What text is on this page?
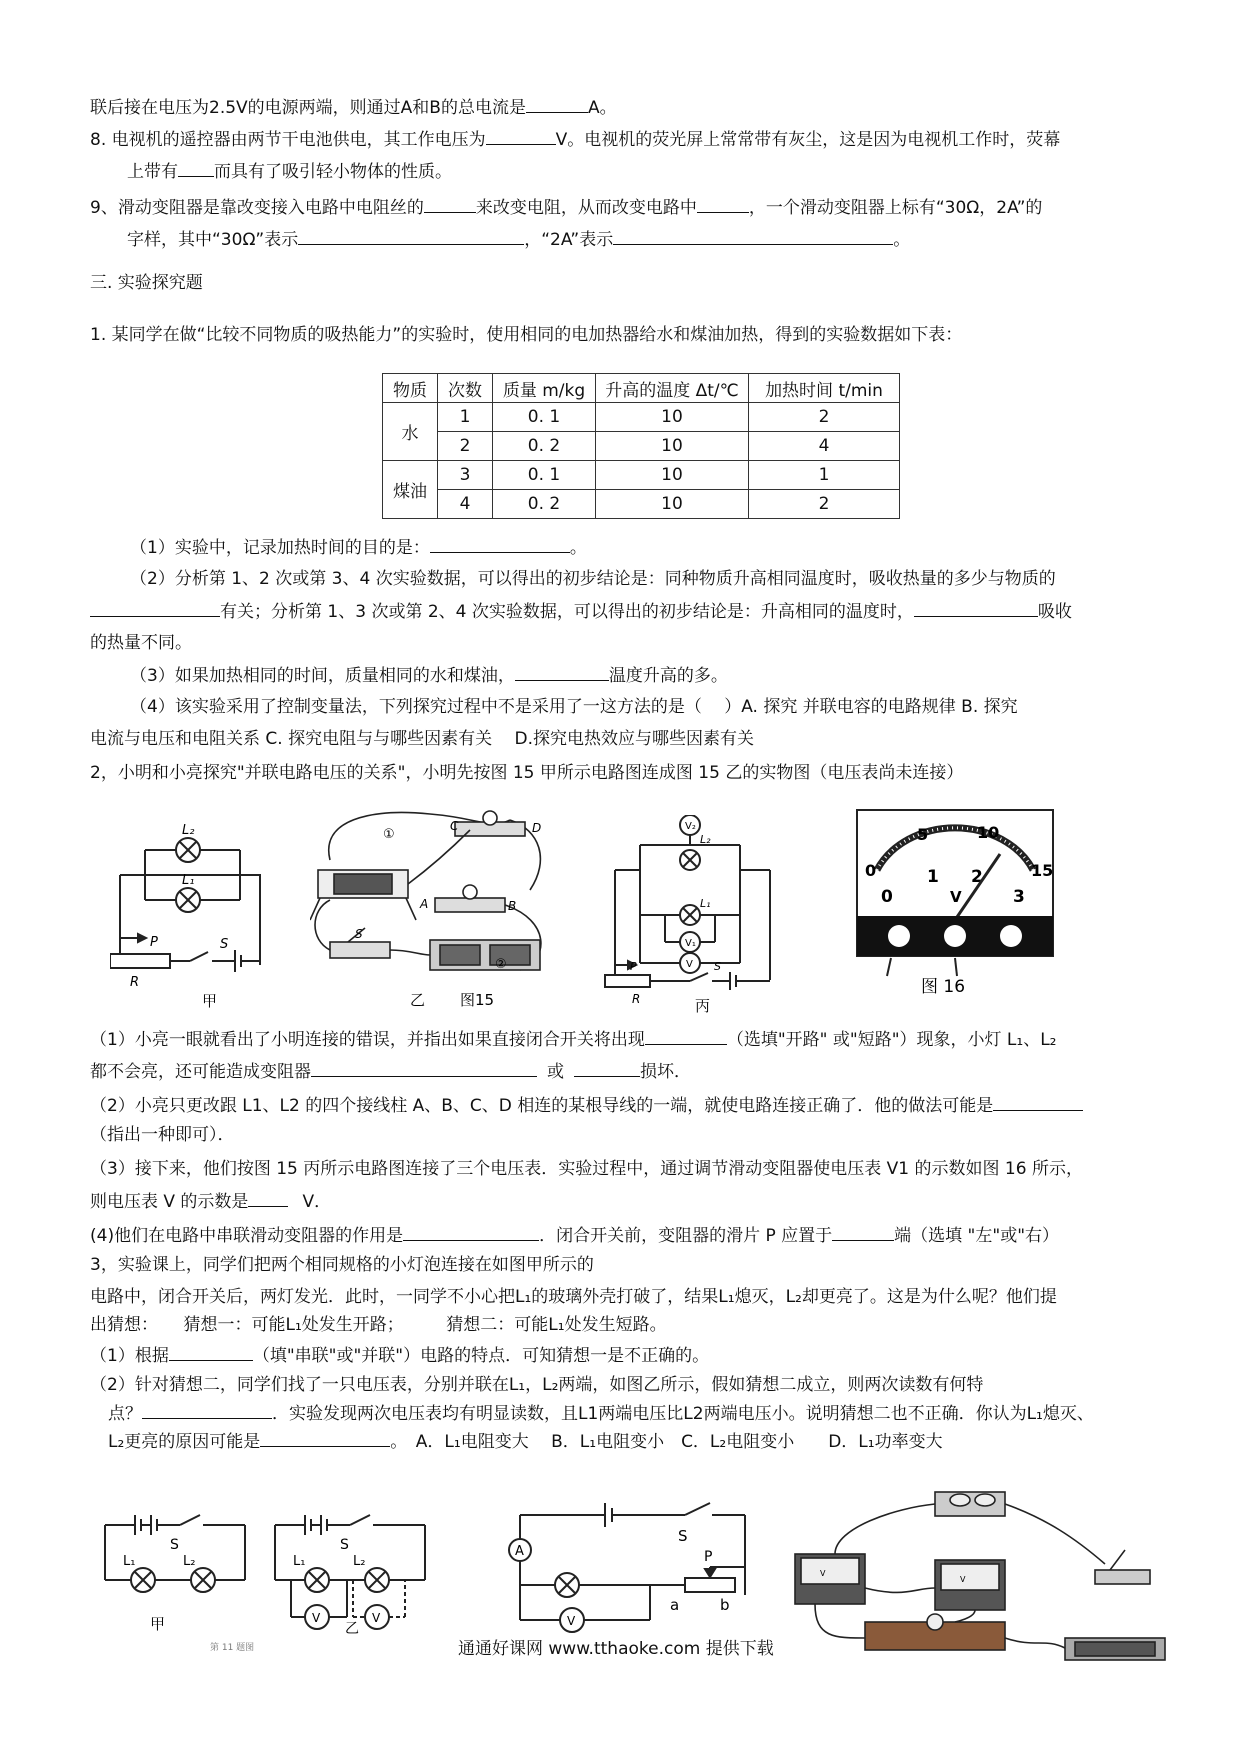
联后接在电压为2.5V的电源两端，则通过A和B的总电流是	A。
8. 电视机的遥控器由两节干电池供电，其工作电压为	V。电视机的荧光屏上常常带有灰尘，这是因为电视机工作时，荧幕
上带有 而具有了吸引轻小物体的性质。
9、滑动变阻器是靠改变接入电路中电阻丝的	来改变电阻，从而改变电路中	，一个滑动变阻器上标有“30Ω，2A”的
字样，其中“30Ω”表示	，“2A”表示	。
三. 实验探究题
1. 某同学在做“比较不同物质的吸热能力”的实验时，使用相同的电加热器给水和煤油加热，得到的实验数据如下表：
物质	次数	质量 m/kg	升高的温度 Δt/℃	加热时间 t/min
水	1	0. 1	10	2
	2	0. 2	10	4
煤油	3	0. 1	10	1
	4	0. 2	10	2
（1）实验中，记录加热时间的目的是：	。
（2）分析第 1、2 次或第 3、4 次实验数据，可以得出的初步结论是：同种物质升高相同温度时，吸收热量的多少与物质的
有关；分析第 1、3 次或第 2、4 次实验数据，可以得出的初步结论是：升高相同的温度时，	吸收
的热量不同。
（3）如果加热相同的时间，质量相同的水和煤油，	温度升高的多。
（4）该实验采用了控制变量法，下列探究过程中不是采用了一这方法的是（　 ）A. 探究 并联电容的电路规律 B. 探究
电流与电压和电阻关系 C. 探究电阻与与哪些因素有关　 D.探究电热效应与哪些因素有关
2，小明和小亮探究"并联电路电压的关系"，小明先按图 15 甲所示电路图连成图 15 乙的实物图（电压表尚未连接）
L₂
L₁
P
R
S
甲
①
②
C	D
A	B
S
乙 图15
V₂
V₁
V
L₂
L₁
P
R
S
丙
0
5	10
15
0
1 2
3
V
图 16
（1）小亮一眼就看出了小明连接的错误，并指出如果直接闭合开关将出现	（选填"开路" 或"短路"）现象，小灯 L₁、L₂
都不会亮，还可能造成变阻器	或	损坏．
（2）小亮只更改跟 L1、L2 的四个接线柱 A、B、C、D 相连的某根导线的一端，就使电路连接正确了．他的做法可能是
（指出一种即可）．
（3）接下来，他们按图 15 丙所示电路图连接了三个电压表．实验过程中，通过调节滑动变阻器使电压表 V1 的示数如图 16 所示，
则电压表 V 的示数是	V．
(4)他们在电路中串联滑动变阻器的作用是	．闭合开关前，变阻器的滑片 P 应置于	端（选填 "左"或"右）
3，实验课上，同学们把两个相同规格的小灯泡连接在如图甲所示的
电路中，闭合开关后，两灯发光．此时，一同学不小心把L₁的玻璃外壳打破了，结果L₁熄灭，L₂却更亮了。这是为什么呢？他们提
出猜想：　　猜想一：可能L₁处发生开路；　　　猜想二：可能L₁处发生短路。
（1）根据	（填"串联"或"并联"）电路的特点．可知猜想一是不正确的。
（2）针对猜想二，同学们找了一只电压表，分别并联在L₁，L₂两端，如图乙所示，假如猜想二成立，则两次读数有何特
点？	．实验发现两次电压表均有明显读数，且L1两端电压比L2两端电压小。说明猜想二也不正确．你认为L₁熄灭、
L₂更亮的原因可能是	。　A．L₁电阻变大　 B．L₁电阻变小　C．L₂电阻变小　　D．L₁功率变大
S
L₁	L₂
甲
S
L₁	L₂
V	V
乙
第 11 题图
A
V
S
P
a	b
V
V
通通好课网 www.tthaoke.com 提供下载
